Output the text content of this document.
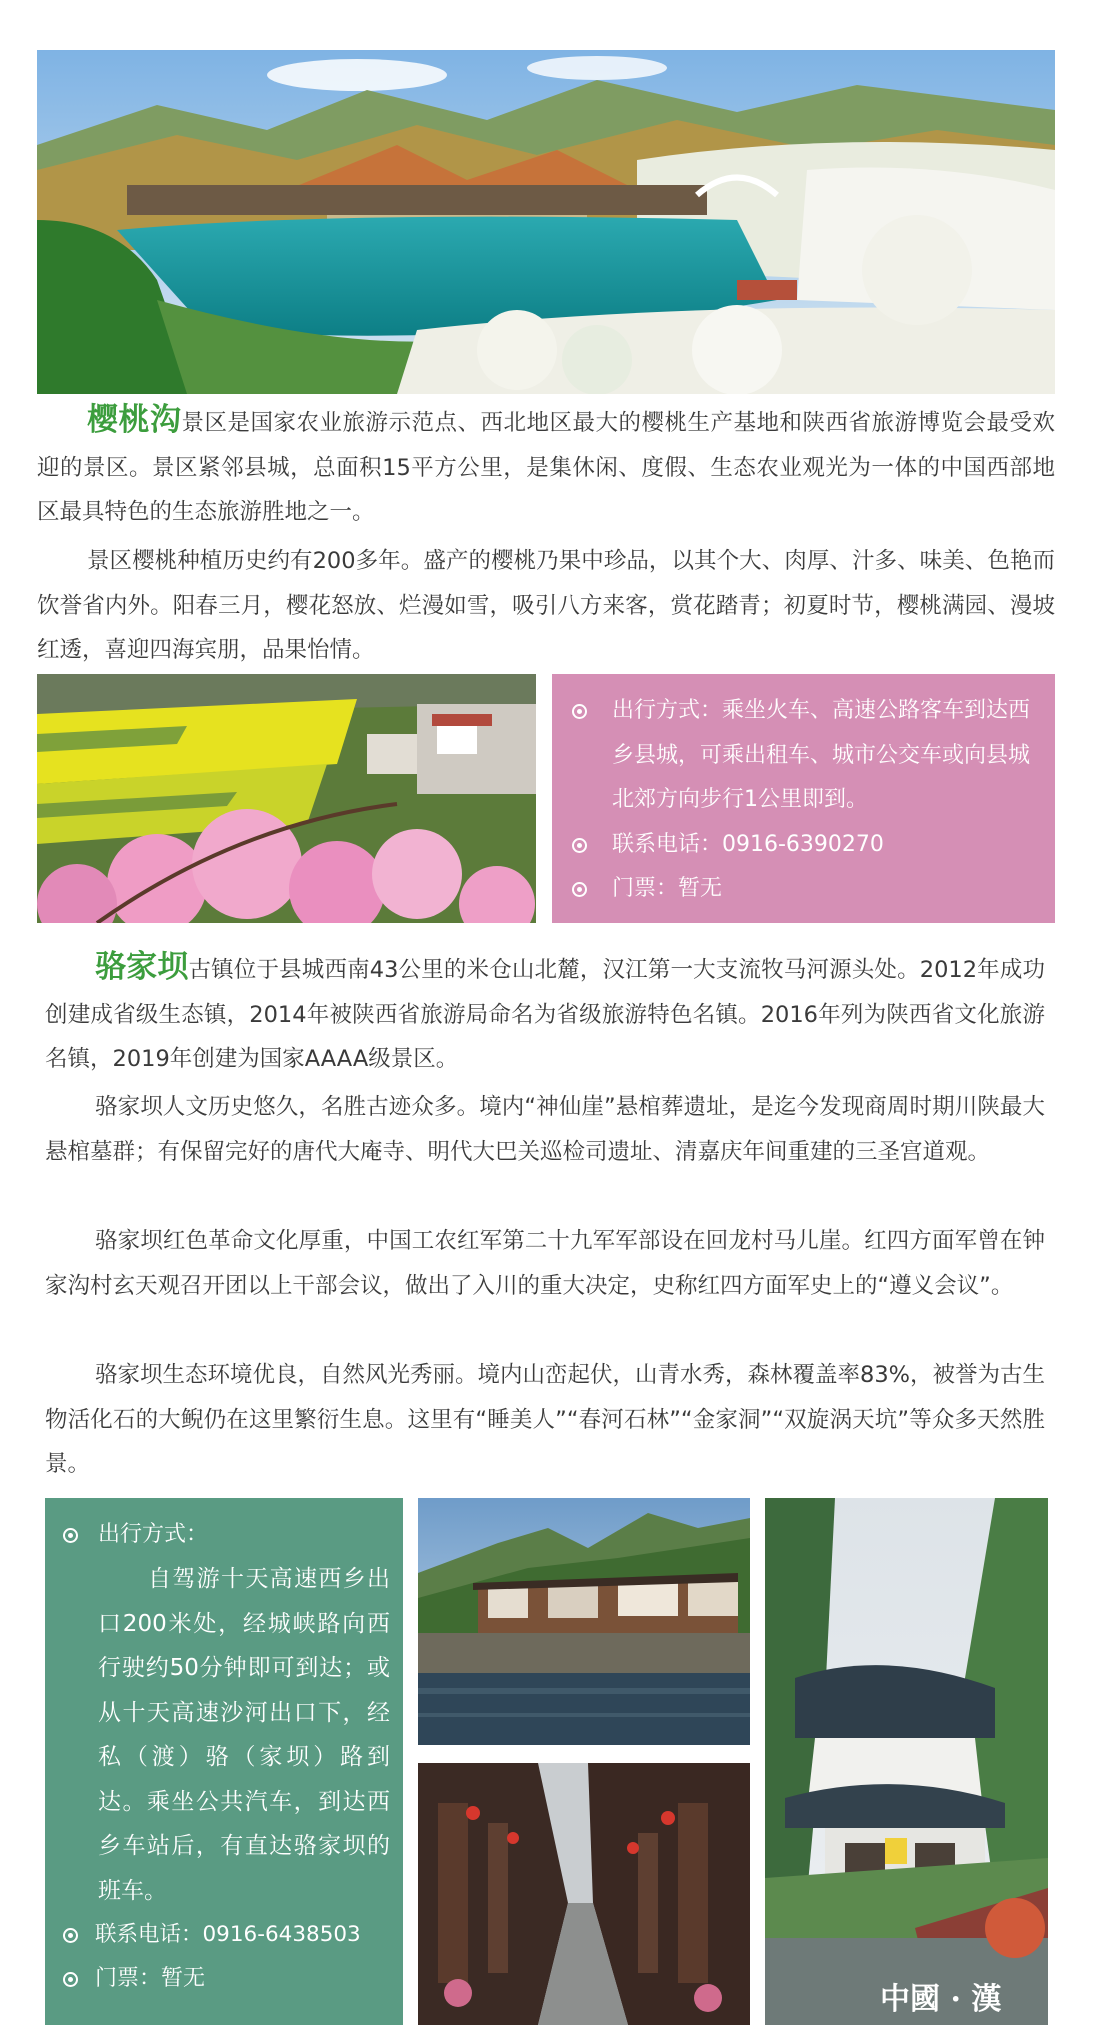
樱桃沟景区是国家农业旅游示范点、西北地区最大的樱桃生产基地和陕西省旅游博览会最受欢迎的景区。景区紧邻县城，总面积15平方公里，是集休闲、度假、生态农业观光为一体的中国西部地区最具特色的生态旅游胜地之一。

景区樱桃种植历史约有200多年。盛产的樱桃乃果中珍品，以其个大、肉厚、汁多、味美、色艳而饮誉省内外。阳春三月，樱花怒放、烂漫如雪，吸引八方来客，赏花踏青；初夏时节，樱桃满园、漫坡红透，喜迎四海宾朋，品果怡情。

出行方式：乘坐火车、高速公路客车到达西乡县城，可乘出租车、城市公交车或向县城北郊方向步行1公里即到。
联系电话：0916-6390270
门票：暂无

骆家坝古镇位于县城西南43公里的米仓山北麓，汉江第一大支流牧马河源头处。2012年成功创建成省级生态镇，2014年被陕西省旅游局命名为省级旅游特色名镇。2016年列为陕西省文化旅游名镇，2019年创建为国家AAAA级景区。

骆家坝人文历史悠久，名胜古迹众多。境内“神仙崖”悬棺葬遗址，是迄今发现商周时期川陕最大悬棺墓群；有保留完好的唐代大庵寺、明代大巴关巡检司遗址、清嘉庆年间重建的三圣宫道观。

骆家坝红色革命文化厚重，中国工农红军第二十九军军部设在回龙村马儿崖。红四方面军曾在钟家沟村玄天观召开团以上干部会议，做出了入川的重大决定，史称红四方面军史上的“遵义会议”。

骆家坝生态环境优良，自然风光秀丽。境内山峦起伏，山青水秀，森林覆盖率83%，被誉为古生物活化石的大鲵仍在这里繁衍生息。这里有“睡美人”“春河石林”“金家洞”“双旋涡天坑”等众多天然胜景。

出行方式：
自驾游十天高速西乡出口200米处，经城峡路向西行驶约50分钟即可到达；或从十天高速沙河出口下，经私（渡）骆（家坝）路到达。乘坐公共汽车，到达西乡车站后，有直达骆家坝的班车。
联系电话：0916-6438503
门票：暂无
中國 · 漢
